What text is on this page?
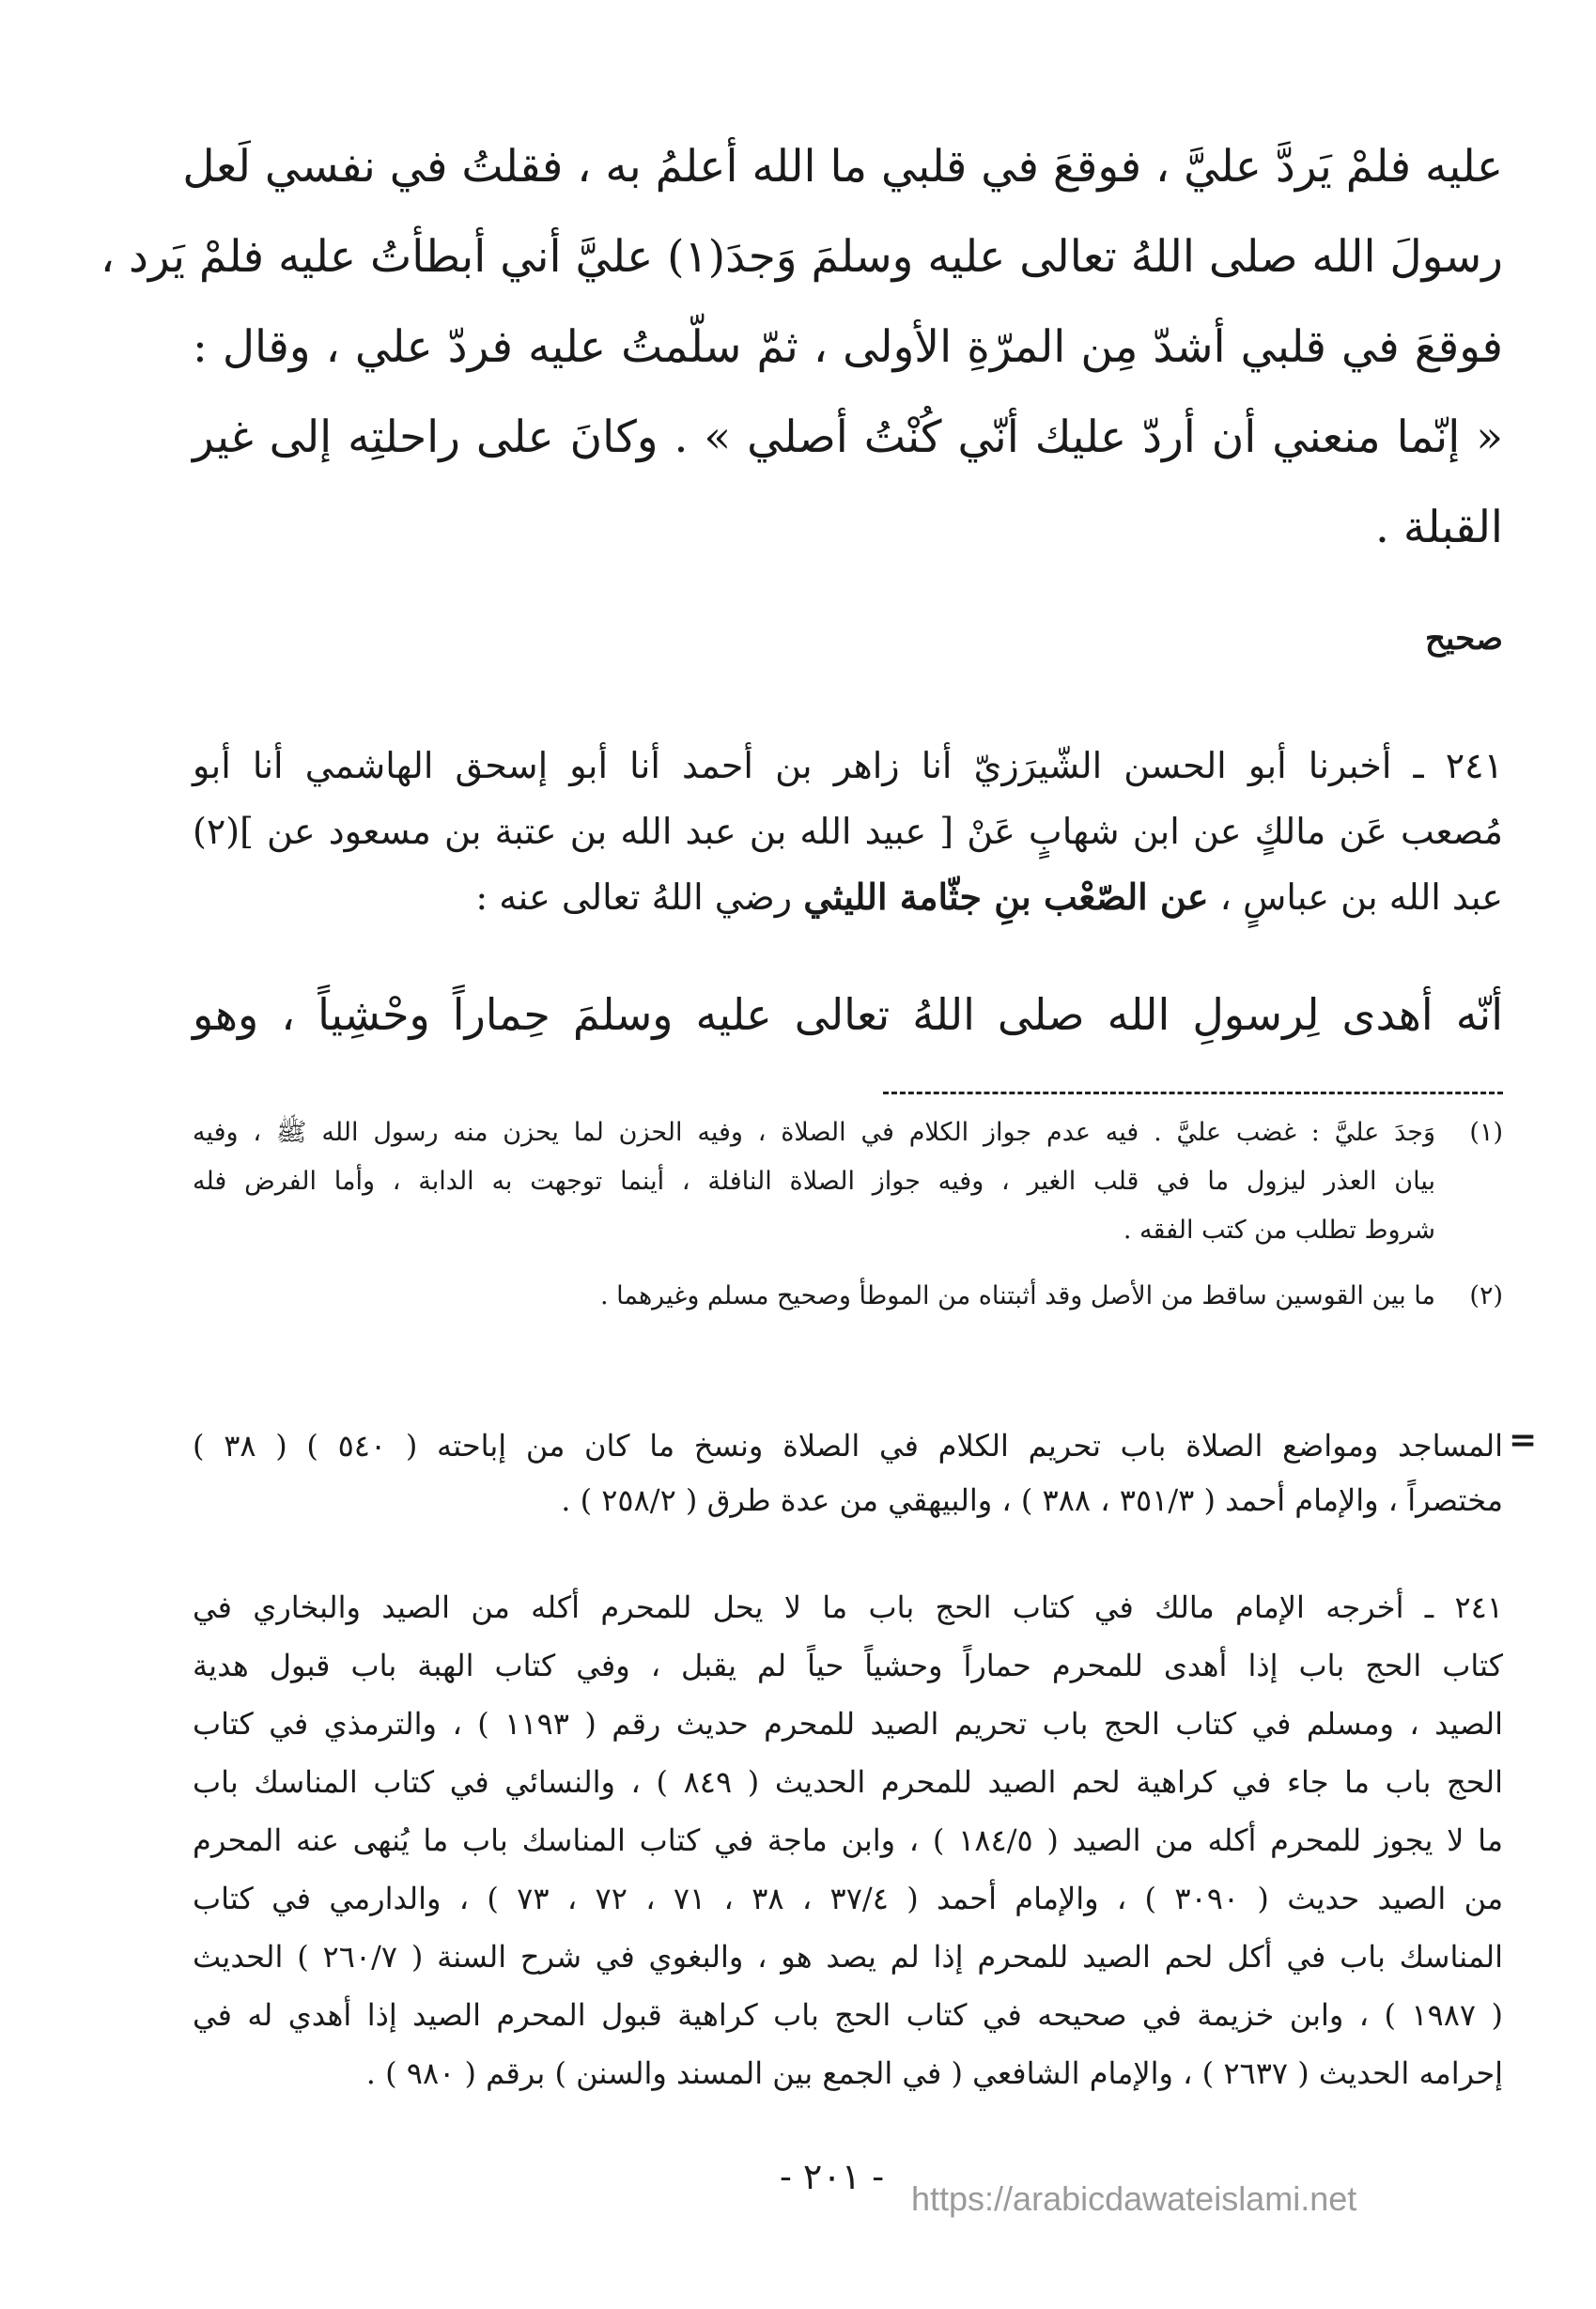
عليه فلمْ يَردَّ عليَّ ، فوقعَ في قلبي ما الله أعلمُ به ، فقلتُ في نفسي لَعل
رسولَ الله صلى اللهُ تعالى عليه وسلمَ وَجدَ(١) عليَّ أني أبطأتُ عليه فلمْ يَرد ،
فوقعَ في قلبي أشدّ مِن المرّةِ الأولى ، ثمّ سلّمتُ عليه فردّ علي ، وقال :
« إنّما منعني أن أردّ عليك أنّي كُنْتُ أصلي » . وكانَ على راحلتِه إلى غير
القبلة .
صحيح
٢٤١ ـ أخبرنا أبو الحسن الشّيرَزيّ أنا زاهر بن أحمد أنا أبو إسحق الهاشمي أنا أبو
مُصعب عَن مالكٍ عن ابن شهابٍ عَنْ [ عبيد الله بن عبد الله بن عتبة بن مسعود عن ](٢)
عبد الله بن عباسٍ ، عن الصّعْب بنِ جثّامة الليثي رضي اللهُ تعالى عنه :
أنّه أهدى لِرسولِ الله صلى اللهُ تعالى عليه وسلمَ حِماراً وحْشِياً ، وهو
(١)
وَجدَ عليَّ : غضب عليَّ . فيه عدم جواز الكلام في الصلاة ، وفيه الحزن لما يحزن منه رسول الله ﷺ ، وفيه
بيان العذر ليزول ما في قلب الغير ، وفيه جواز الصلاة النافلة ، أينما توجهت به الدابة ، وأما الفرض فله
شروط تطلب من كتب الفقه .
(٢)
ما بين القوسين ساقط من الأصل وقد أثبتناه من الموطأ وصحيح مسلم وغيرهما .
=
المساجد ومواضع الصلاة باب تحريم الكلام في الصلاة ونسخ ما كان من إباحته ( ٥٤٠ ) ( ٣٨ )
مختصراً ، والإمام أحمد ( ٣٥١/٣ ، ٣٨٨ ) ، والبيهقي من عدة طرق ( ٢٥٨/٢ ) .
٢٤١ ـ أخرجه الإمام مالك في كتاب الحج باب ما لا يحل للمحرم أكله من الصيد والبخاري في
كتاب الحج باب إذا أهدى للمحرم حماراً وحشياً حياً لم يقبل ، وفي كتاب الهبة باب قبول هدية
الصيد ، ومسلم في كتاب الحج باب تحريم الصيد للمحرم حديث رقم ( ١١٩٣ ) ، والترمذي في كتاب
الحج باب ما جاء في كراهية لحم الصيد للمحرم الحديث ( ٨٤٩ ) ، والنسائي في كتاب المناسك باب
ما لا يجوز للمحرم أكله من الصيد ( ١٨٤/٥ ) ، وابن ماجة في كتاب المناسك باب ما يُنهى عنه المحرم
من الصيد حديث ( ٣٠٩٠ ) ، والإمام أحمد ( ٣٧/٤ ، ٣٨ ، ٧١ ، ٧٢ ، ٧٣ ) ، والدارمي في كتاب
المناسك باب في أكل لحم الصيد للمحرم إذا لم يصد هو ، والبغوي في شرح السنة ( ٢٦٠/٧ ) الحديث
( ١٩٨٧ ) ، وابن خزيمة في صحيحه في كتاب الحج باب كراهية قبول المحرم الصيد إذا أهدي له في
إحرامه الحديث ( ٢٦٣٧ ) ، والإمام الشافعي ( في الجمع بين المسند والسنن ) برقم ( ٩٨٠ ) .
- ٢٠١ -
https://arabicdawateislami.net
